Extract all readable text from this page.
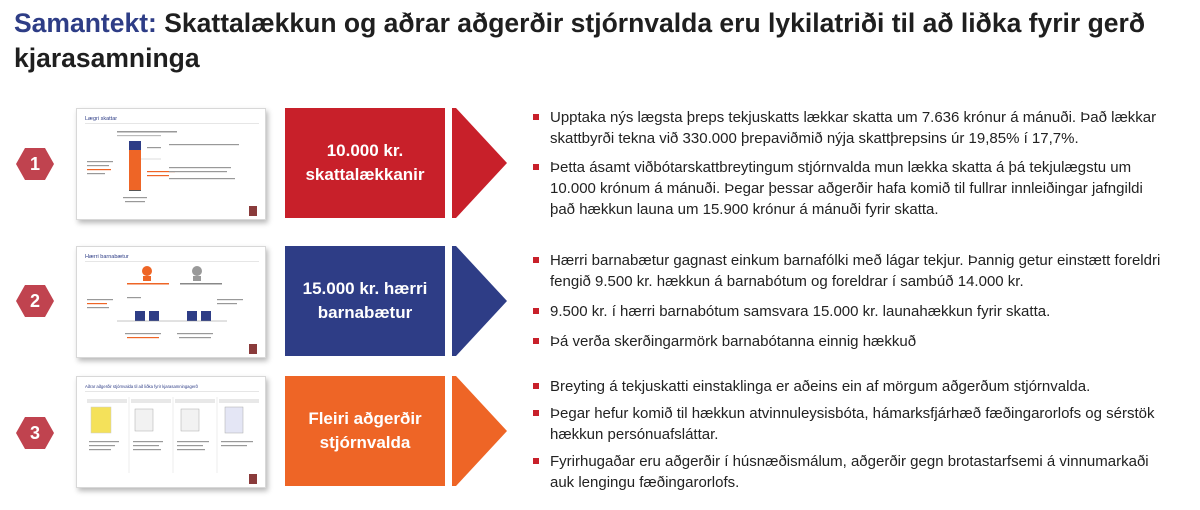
Samantekt: Skattalækkun og aðrar aðgerðir stjórnvalda eru lykilatriði til að liðka fyrir gerð kjarasamninga
1
Lægri skattar
10.000 kr. skattalækkanir
Upptaka nýs lægsta þreps tekjuskatts lækkar skatta um 7.636 krónur á mánuði. Það lækkar skattbyrði tekna við 330.000 þrepaviðmið nýja skattþrepsins úr 19,85% í 17,7%.
Þetta ásamt viðbótarskattbreytingum stjórnvalda mun lækka skatta á þá tekjulægstu um 10.000 krónum á mánuði. Þegar þessar aðgerðir hafa komið til fullrar innleiðingar jafngildi það hækkun launa um 15.900 krónur á mánuði fyrir skatta.
2
Hærri barnabætur
15.000 kr. hærri barnabætur
Hærri barnabætur gagnast einkum barnafólki með lágar tekjur. Þannig getur einstætt foreldri fengið 9.500 kr. hækkun á barnabótum og foreldrar í sambúð 14.000 kr.
9.500 kr. í hærri barnabótum samsvara 15.000 kr. launahækkun fyrir skatta.
Þá verða skerðingarmörk barnabótanna einnig hækkuð
3
Aðrar aðgerðir stjórnvalda til að liðka fyrir kjarasamningagerð
Fleiri aðgerðir stjórnvalda
Breyting á tekjuskatti einstaklinga er aðeins ein af mörgum aðgerðum stjórnvalda.
Þegar hefur komið til hækkun atvinnuleysisbóta, hámarksfjárhæð fæðingarorlofs og sérstök hækkun persónuafsláttar.
Fyrirhugaðar eru aðgerðir í húsnæðismálum, aðgerðir gegn brotastarfsemi á vinnumarkaði auk lengingu fæðingarorlofs.
